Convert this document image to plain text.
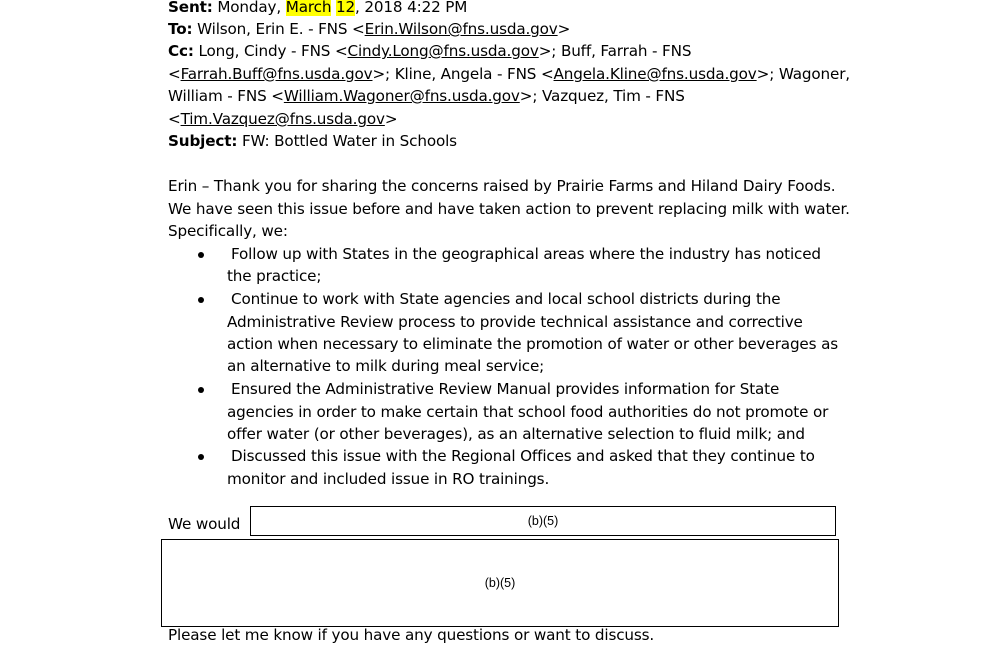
Sent: Monday, March 12, 2018 4:22 PM
To: Wilson, Erin E. - FNS <Erin.Wilson@fns.usda.gov>
Cc: Long, Cindy - FNS <Cindy.Long@fns.usda.gov>; Buff, Farrah - FNS
<Farrah.Buff@fns.usda.gov>; Kline, Angela - FNS <Angela.Kline@fns.usda.gov>; Wagoner,
William - FNS <William.Wagoner@fns.usda.gov>; Vazquez, Tim - FNS
<Tim.Vazquez@fns.usda.gov>
Subject: FW: Bottled Water in Schools
Erin – Thank you for sharing the concerns raised by Prairie Farms and Hiland Dairy Foods.
We have seen this issue before and have taken action to prevent replacing milk with water.
Specifically, we:
Follow up with States in the geographical areas where the industry has noticed
the practice;
Continue to work with State agencies and local school districts during the
Administrative Review process to provide technical assistance and corrective
action when necessary to eliminate the promotion of water or other beverages as
an alternative to milk during meal service;
Ensured the Administrative Review Manual provides information for State
agencies in order to make certain that school food authorities do not promote or
offer water (or other beverages), as an alternative selection to fluid milk; and
Discussed this issue with the Regional Offices and asked that they continue to
monitor and included issue in RO trainings.
We would	(b)(5)
(b)(5)
Please let me know if you have any questions or want to discuss.
